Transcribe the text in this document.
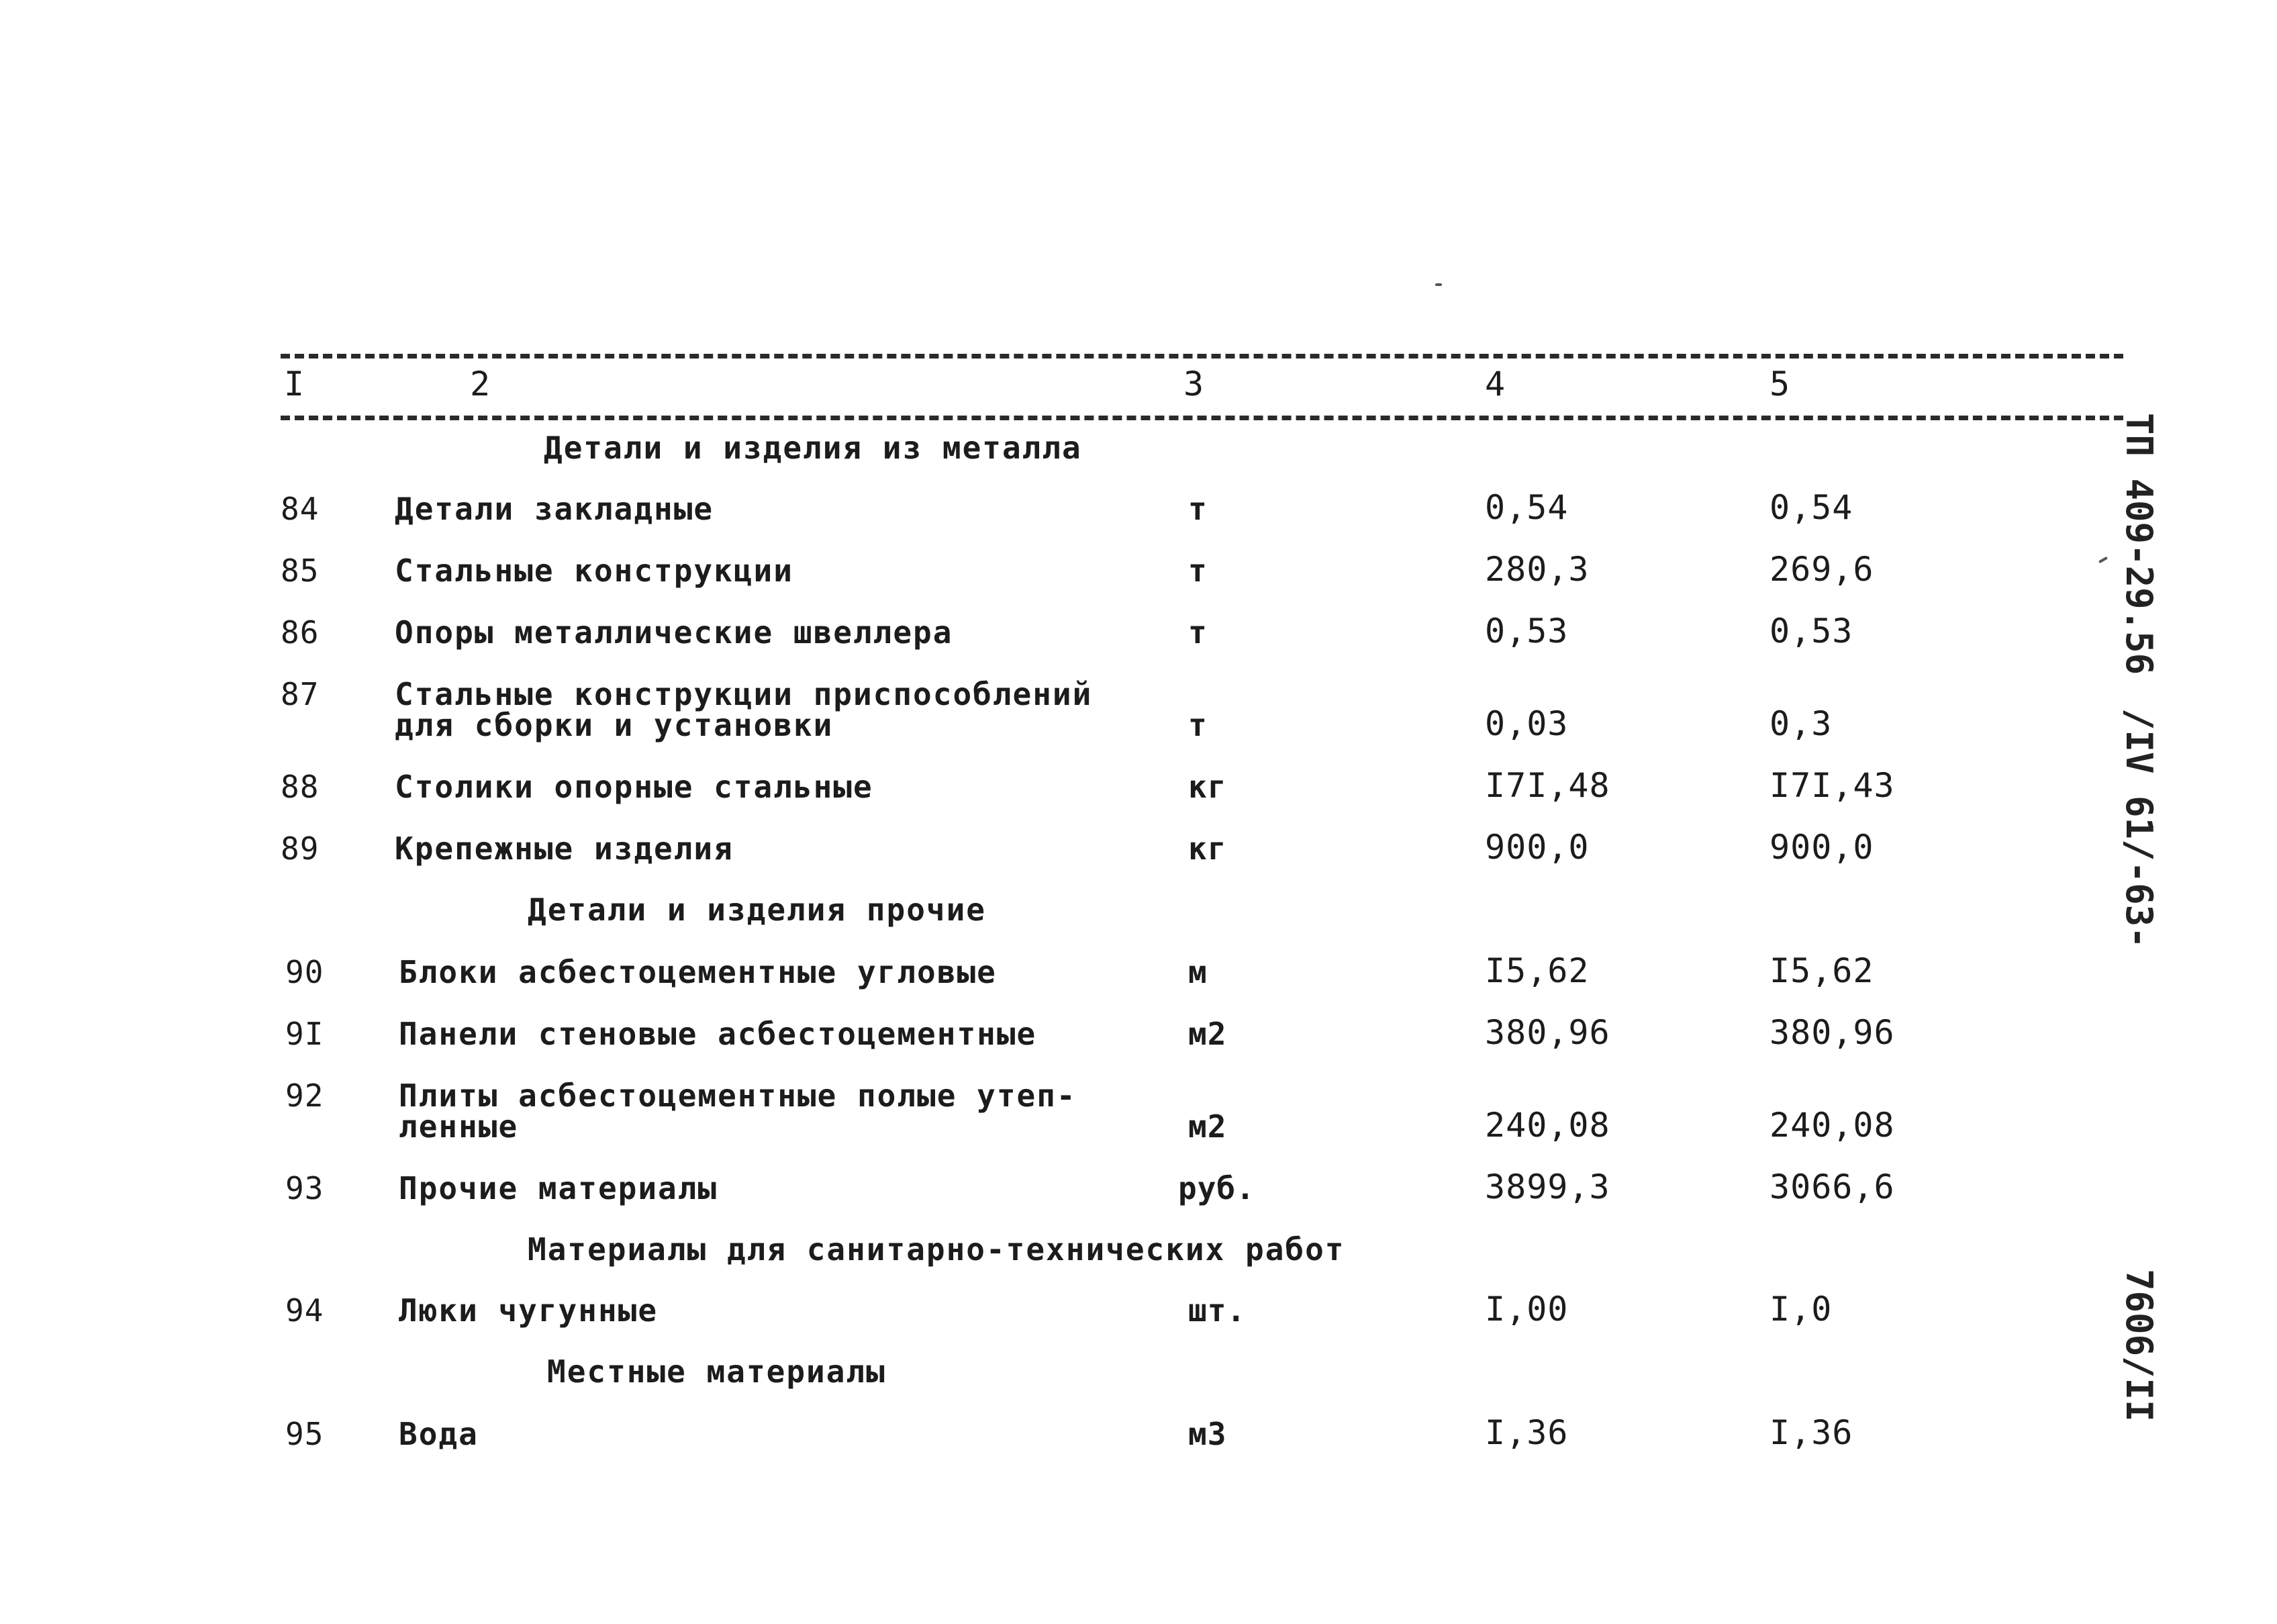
I	2	3	4	5
Детали и изделия из металла
84 Детали закладные	т	0,54	0,54
85 Стальные конструкции	т	280,3	269,6
86 Опоры металлические швеллера	т	0,53	0,53
87 Стальные конструкции приспособлений
для сборки и установки	т	0,03	0,3
88 Столики опорные стальные	кг	I7I,48	I7I,43
89 Крепежные изделия	кг	900,0	900,0
Детали и изделия прочие
90 Блоки асбестоцементные угловые	м	I5,62	I5,62
9I Панели стеновые асбестоцементные	м2	380,96	380,96
92 Плиты асбестоцементные полые утеп-
ленные	м2	240,08	240,08
93 Прочие материалы	руб.	3899,3	3066,6
Материалы для санитарно-технических работ
94 Люки чугунные	шт.	I,00	I,0
Местные материалы
95 Вода	м3	I,36	I,36
ТП 409-29.56
/IV 61/-63-
7606/II
